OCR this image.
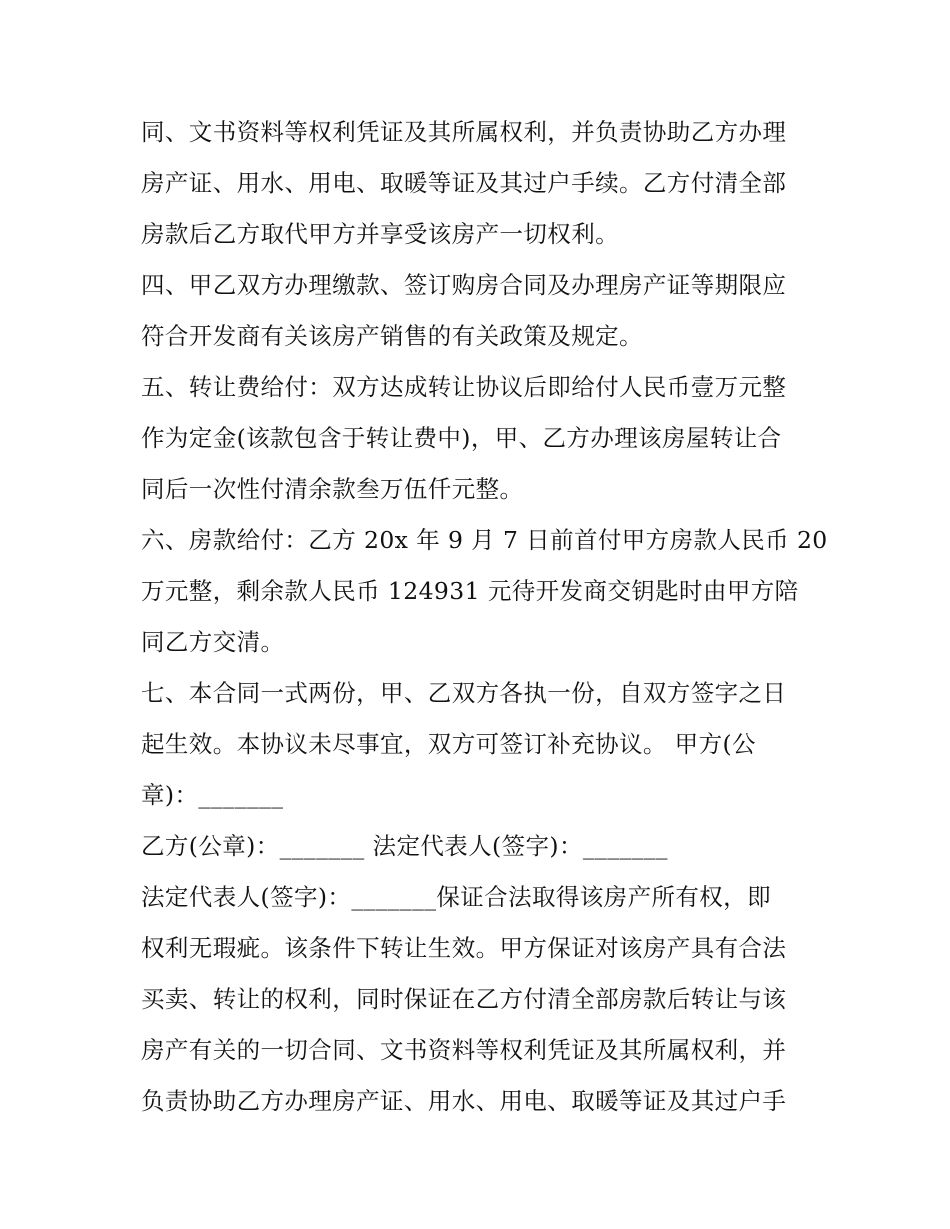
同、文书资料等权利凭证及其所属权利，并负责协助乙方办理
房产证、用水、用电、取暖等证及其过户手续。乙方付清全部
房款后乙方取代甲方并享受该房产一切权利。
四、甲乙双方办理缴款、签订购房合同及办理房产证等期限应
符合开发商有关该房产销售的有关政策及规定。
五、转让费给付：双方达成转让协议后即给付人民币壹万元整
作为定金(该款包含于转让费中)，甲、乙方办理该房屋转让合
同后一次性付清余款叁万伍仟元整。
六、房款给付：乙方 20x 年 9 月 7 日前首付甲方房款人民币 20
万元整，剩余款人民币 124931 元待开发商交钥匙时由甲方陪
同乙方交清。
七、本合同一式两份，甲、乙双方各执一份，自双方签字之日
起生效。本协议未尽事宜，双方可签订补充协议。 甲方(公
章)：_______
乙方(公章)：_______ 法定代表人(签字)：_______
法定代表人(签字)：_______保证合法取得该房产所有权，即
权利无瑕疵。该条件下转让生效。甲方保证对该房产具有合法
买卖、转让的权利，同时保证在乙方付清全部房款后转让与该
房产有关的一切合同、文书资料等权利凭证及其所属权利，并
负责协助乙方办理房产证、用水、用电、取暖等证及其过户手
